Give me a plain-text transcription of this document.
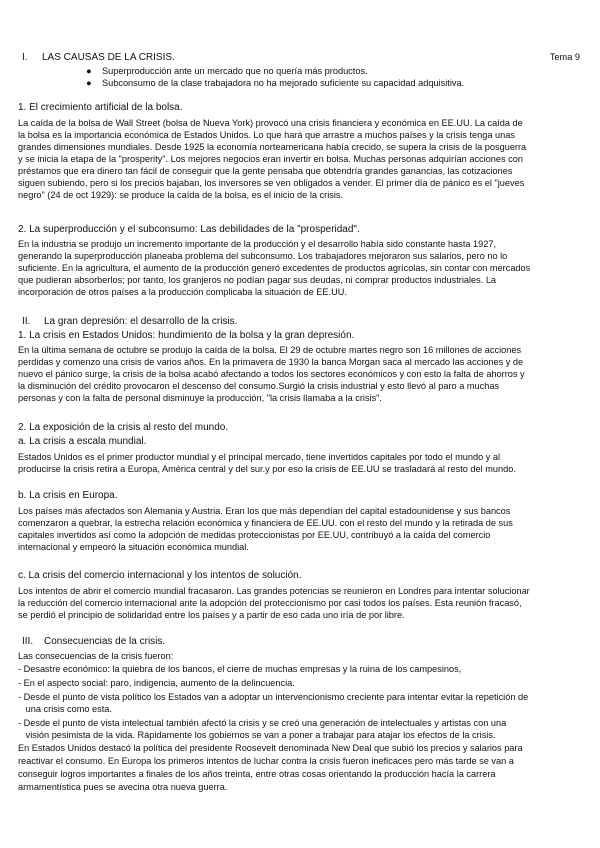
I.	LAS CAUSAS DE LA CRISIS.	Tema 9
● Superproducción ante un mercado que no quería más productos.
● Subconsumo de la clase trabajadora no ha mejorado suficiente su capacidad adquisitiva.
1. El crecimiento artificial de la bolsa.
La caída de la bolsa de Wall Street (bolsa de Nueva York) provocó una crisis financiera y económica en EE.UU. La caída de
la bolsa es la importancia económica de Estados Unidos. Lo que hará que arrastre a muchos países y la crisis tenga unas
grandes dimensiones mundiales. Desde 1925 la economía norteamericana había crecido, se supera la crisis de la posguerra
y se inicia la etapa de la "prosperity". Los mejores negocios eran invertir en bolsa. Muchas personas adquirían acciones con
préstamos que era dinero tan fácil de conseguir que la gente pensaba que obtendría grandes ganancias, las cotizaciones
siguen subiendo, pero si los precios bajaban, los inversores se ven obligados a vender. El primer día de pánico es el "jueves
negro" (24 de oct 1929): se produce la caída de la bolsa, es el inicio de la crisis.
2. La superproducción y el subconsumo: Las debilidades de la "prosperidad".
En la industria se produjo un incremento importante de la producción y el desarrollo había sido constante hasta 1927,
generando la superproducción planeaba problema del subconsumo. Los trabajadores mejoraron sus salarios, pero no lo
suficiente. En la agricultura, el aumento de la producción generó excedentes de productos agrícolas, sin contar con mercados
que pudieran absorberlos; por tanto, los granjeros no podían pagar sus deudas, ni comprar productos industriales. La
incorporación de otros países a la producción complicaba la situación de EE.UU.
II.	La gran depresión: el desarrollo de la crisis.
1. La crisis en Estados Unidos: hundimiento de la bolsa y la gran depresión.
En la última semana de octubre se produjo la caída de la bolsa. El 29 de octubre martes negro son 16 millones de acciones
perdidas y comenzo una crisis de varios años. En la primavera de 1930 la banca Morgan saca al mercado las acciones y de
nuevo el pánico surge, la crisis de la bolsa acabó afectando a todos los sectores económicos y con esto la falta de ahorros y
la disminución del crédito provocaron el descenso del consumo.Surgió la crisis industrial y esto llevó al paro a muchas
personas y con la falta de personal disminuye la producción, "la crisis llamaba a la crisis".
2. La exposición de la crisis al resto del mundo.
a. La crisis a escala mundial.
Estados Unidos es el primer productor mundial y el principal mercado, tiene invertidos capitales por todo el mundo y al
producirse la crisis retira a Europa, América central y del sur.y por eso la crisis de EE.UU se trasladará al resto del mundo.
b. La crisis en Europa.
Los países más afectados son Alemania y Austria. Eran los que más dependían del capital estadounidense y sus bancos
comenzaron a quebrar, la estrecha relación económica y financiera de EE.UU. con el resto del mundo y la retirada de sus
capitales invertidos así como la adopción de medidas proteccionistas por EE.UU, contribuyó a la caída del comercio
internacional y empeoró la situación económica mundial.
c. La crisis del comercio internacional y los intentos de solución.
Los intentos de abrir el comercio mundial fracasaron. Las grandes potencias se reunieron en Londres para intentar solucionar
la reducción del comercio internacional ante la adopción del proteccionismo por casi todos los países. Esta reunión fracasó,
se perdió el principio de solidaridad entre los países y a partir de eso cada uno iría de por libre.
III.	Consecuencias de la crisis.
Las consecuencias de la crisis fueron:
- Desastre económico: la quiebra de los bancos, el cierre de muchas empresas y la ruina de los campesinos,
- En el aspecto social: paro, indigencia, aumento de la delincuencia.
- Desde el punto de vista político los Estados van a adoptar un intervencionismo creciente para intentar evitar la repetición de
una crisis como esta.
- Desde el punto de vista intelectual también afectó la crisis y se creó una generación de intelectuales y artistas con una
visión pesimista de la vida. Rápidamente los gobiernos se van a poner a trabajar para atajar los efectos de la crisis.
En Estados Unidos destacó la política del presidente Roosevelt denominada New Deal que subió los precios y salarios para
reactivar el consumo. En Europa los primeros intentos de luchar contra la crisis fueron ineficaces pero más tarde se van a
conseguir logros importantes a finales de los años treinta, entre otras cosas orientando la producción hacía la carrera
armamentística pues se avecina otra nueva guerra.
